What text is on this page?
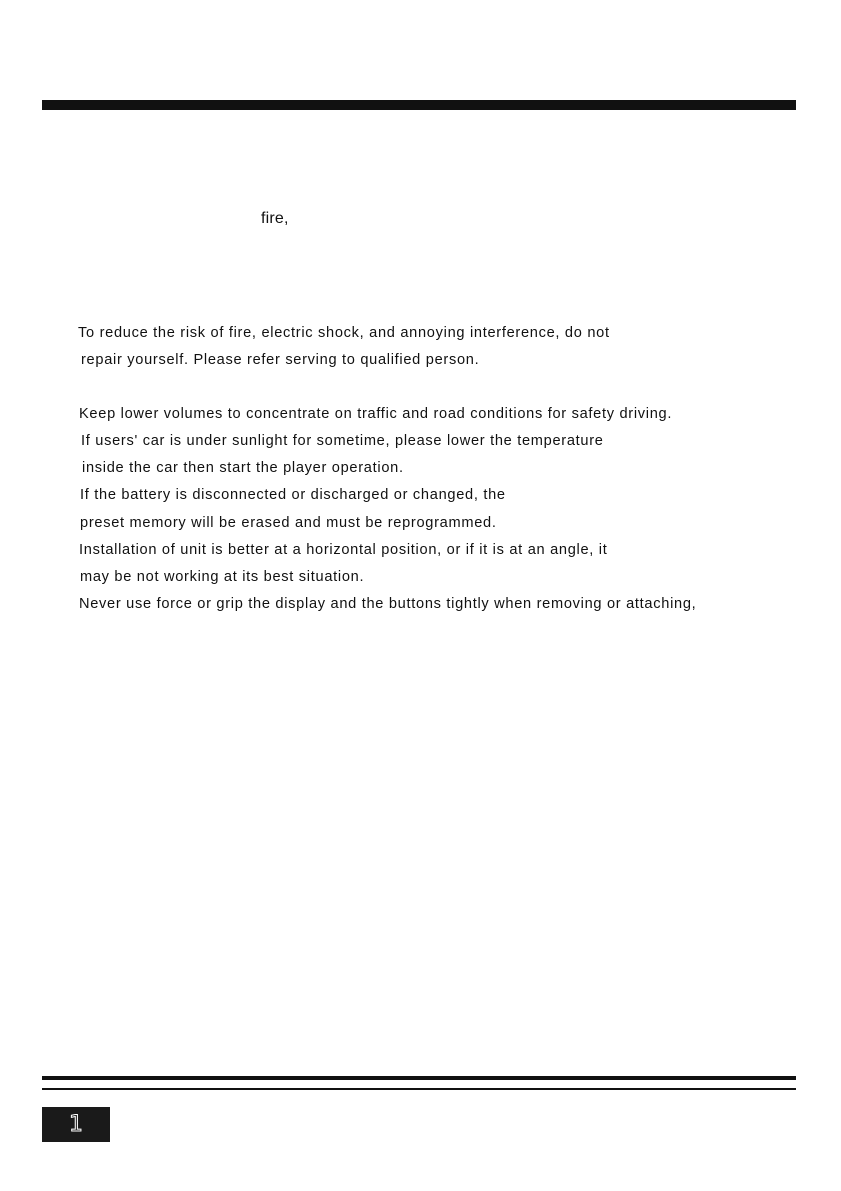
fire,
To reduce the risk of fire, electric shock, and annoying interference, do not
repair yourself. Please refer serving to qualified person.
Keep lower volumes to concentrate on traffic and road conditions for safety driving.
If users' car is under sunlight for sometime, please lower the temperature
inside the car then start the player operation.
If the battery is disconnected or discharged or changed, the
preset memory will be erased and must be reprogrammed.
Installation of unit is better at a horizontal position, or if it is at an angle, it
may be not working at its best situation.
Never use force or grip the display and the buttons tightly when removing or attaching,
1
